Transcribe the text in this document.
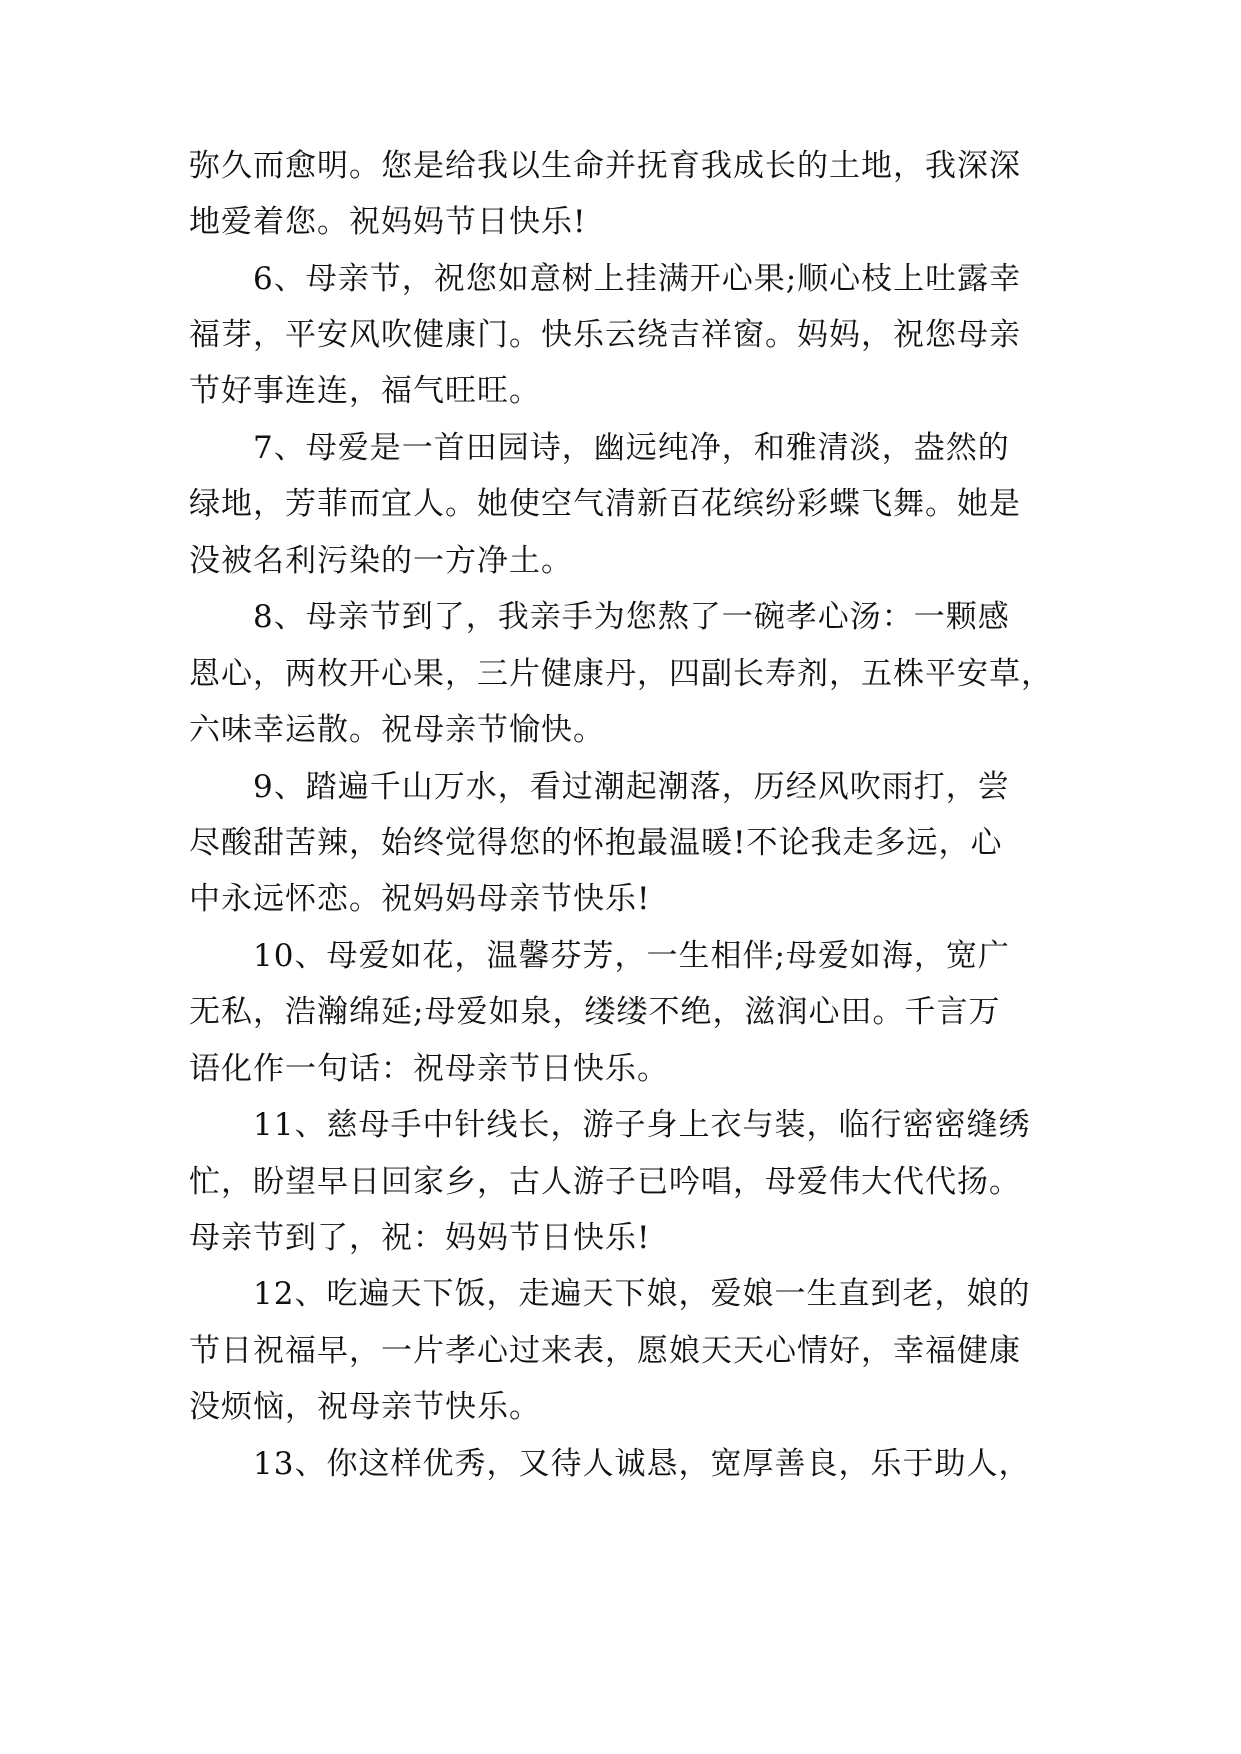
弥久而愈明。您是给我以生命并抚育我成长的土地，我深深
地爱着您。祝妈妈节日快乐!
6、母亲节，祝您如意树上挂满开心果;顺心枝上吐露幸
福芽，平安风吹健康门。快乐云绕吉祥窗。妈妈，祝您母亲
节好事连连，福气旺旺。
7、母爱是一首田园诗，幽远纯净，和雅清淡，盎然的
绿地，芳菲而宜人。她使空气清新百花缤纷彩蝶飞舞。她是
没被名利污染的一方净土。
8、母亲节到了，我亲手为您熬了一碗孝心汤：一颗感
恩心，两枚开心果，三片健康丹，四副长寿剂，五株平安草，
六味幸运散。祝母亲节愉快。
9、踏遍千山万水，看过潮起潮落，历经风吹雨打，尝
尽酸甜苦辣，始终觉得您的怀抱最温暖!不论我走多远，心
中永远怀恋。祝妈妈母亲节快乐!
10、母爱如花，温馨芬芳，一生相伴;母爱如海，宽广
无私，浩瀚绵延;母爱如泉，缕缕不绝，滋润心田。千言万
语化作一句话：祝母亲节日快乐。
11、慈母手中针线长，游子身上衣与装，临行密密缝绣
忙，盼望早日回家乡，古人游子已吟唱，母爱伟大代代扬。
母亲节到了，祝：妈妈节日快乐!
12、吃遍天下饭，走遍天下娘，爱娘一生直到老，娘的
节日祝福早，一片孝心过来表，愿娘天天心情好，幸福健康
没烦恼，祝母亲节快乐。
13、你这样优秀，又待人诚恳，宽厚善良，乐于助人，
